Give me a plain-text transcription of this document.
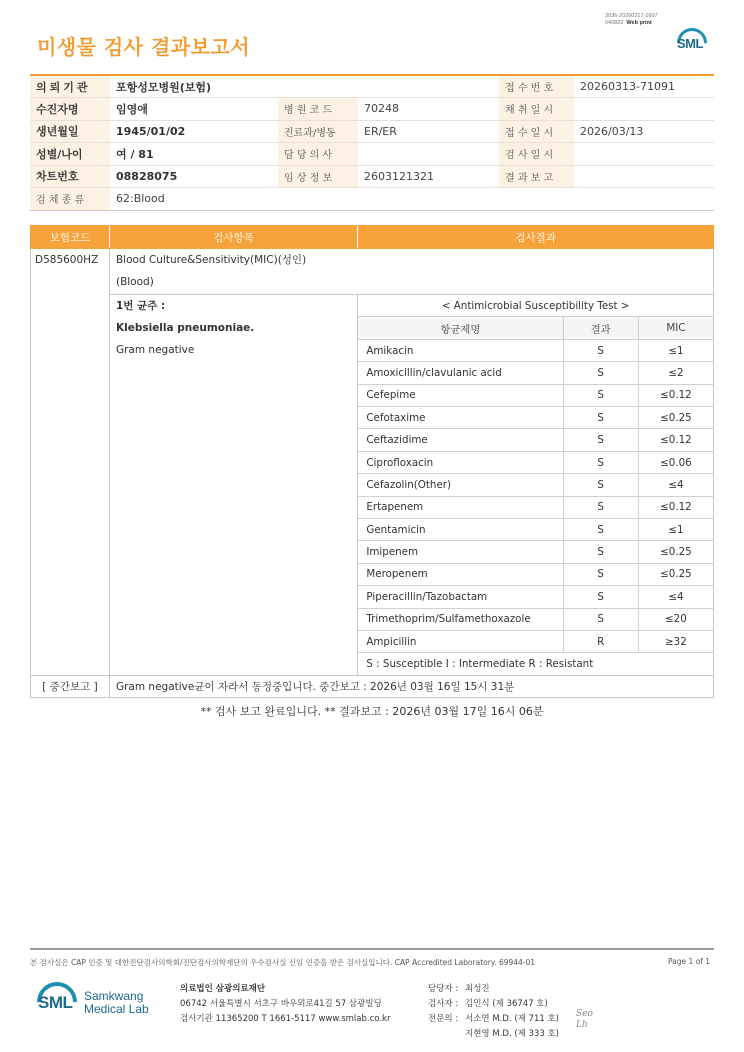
3036-20260317-1607
040822 Web print
미생물 검사 결과보고서	SML
의뢰기관	포항성모병원(보험)			접 수 번 호	20260313-71091
수진자명	임영애	병 원 코 드	70248	채 취 일 시	
생년월일	1945/01/02	진료과/병동	ER/ER	접 수 일 시	2026/03/13
성별/나이	여 / 81	담 당 의 사		검 사 일 시	
차트번호	08828075	임 상 정 보	2603121321	결 과 보 고	
검 체 종 류	62:Blood				
보험코드	검사항목	검사결과
D585600HZ	Blood Culture&Sensitivity(MIC)(성인)
(Blood)

1번 균주 :
Klebsiella pneumoniae.
Gram negative

< Antimicrobial Susceptibility Test >
항균제명	결과	MIC
Amikacin	S	≤1
Amoxicillin/clavulanic acid	S	≤2
Cefepime	S	≤0.12
Cefotaxime	S	≤0.25
Ceftazidime	S	≤0.12
Ciprofloxacin	S	≤0.06
Cefazolin(Other)	S	≤4
Ertapenem	S	≤0.12
Gentamicin	S	≤1
Imipenem	S	≤0.25
Meropenem	S	≤0.25
Piperacillin/Tazobactam	S	≤4
Trimethoprim/Sulfamethoxazole	S	≤20
Ampicillin	R	≥32
S : Susceptible I : Intermediate R : Resistant

[ 중간보고 ]	Gram negative균이 자라서 동정중입니다. 중간보고 : 2026년 03월 16일 15시 31분
** 검사 보고 완료입니다. ** 결과보고 : 2026년 03월 17일 16시 06분
본 검사실은 CAP 인증 및 대한진단검사의학회/진단검사의학재단의 우수검사실 신임 인증을 받은 검사실입니다. CAP Accredited Laboratory. 69944-01	Page 1 of 1
SML Samkwang
Medical Lab
의료법인 삼광의료재단
06742 서울특별시 서초구 바우뫼로41길 57 삼광빌딩
검사기관 11365200 T 1661-5117 www.smlab.co.kr
담당자 : 최성진
검사자 : 김민식 (제 36747 호)
전문의 : 서소연 M.D. (제 711 호)
지현영 M.D. (제 333 호)
Seo
Lh
